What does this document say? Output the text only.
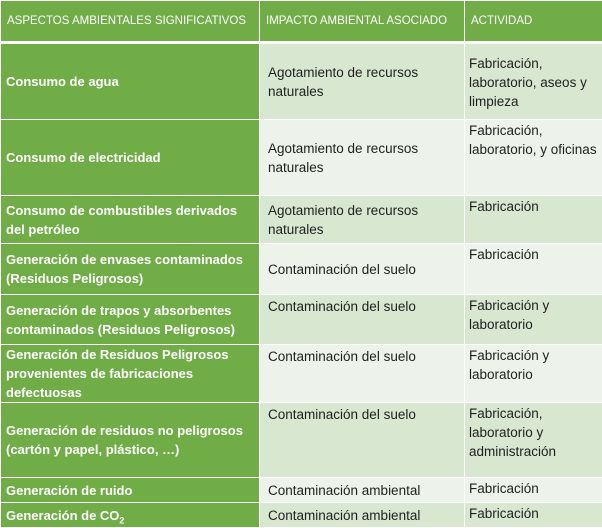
ASPECTOS AMBIENTALES SIGNIFICATIVOS	IMPACTO AMBIENTAL ASOCIADO	ACTIVIDAD
Consumo de agua	Agotamiento de recursos naturales	Fabricación, laboratorio, aseos y limpieza
Consumo de electricidad	Agotamiento de recursos naturales	Fabricación, laboratorio, y oficinas
Consumo de combustibles derivados del petróleo	Agotamiento de recursos naturales	Fabricación
Generación de envases contaminados (Residuos Peligrosos)	Contaminación del suelo	Fabricación
Generación de trapos y absorbentes contaminados (Residuos Peligrosos)	Contaminación del suelo	Fabricación y laboratorio
Generación de Residuos Peligrosos provenientes de fabricaciones defectuosas	Contaminación del suelo	Fabricación y laboratorio
Generación de residuos no peligrosos (cartón y papel, plástico, …)	Contaminación del suelo	Fabricación, laboratorio y administración
Generación de ruido	Contaminación ambiental	Fabricación
Generación de $CO_2$	Contaminación ambiental	Fabricación
